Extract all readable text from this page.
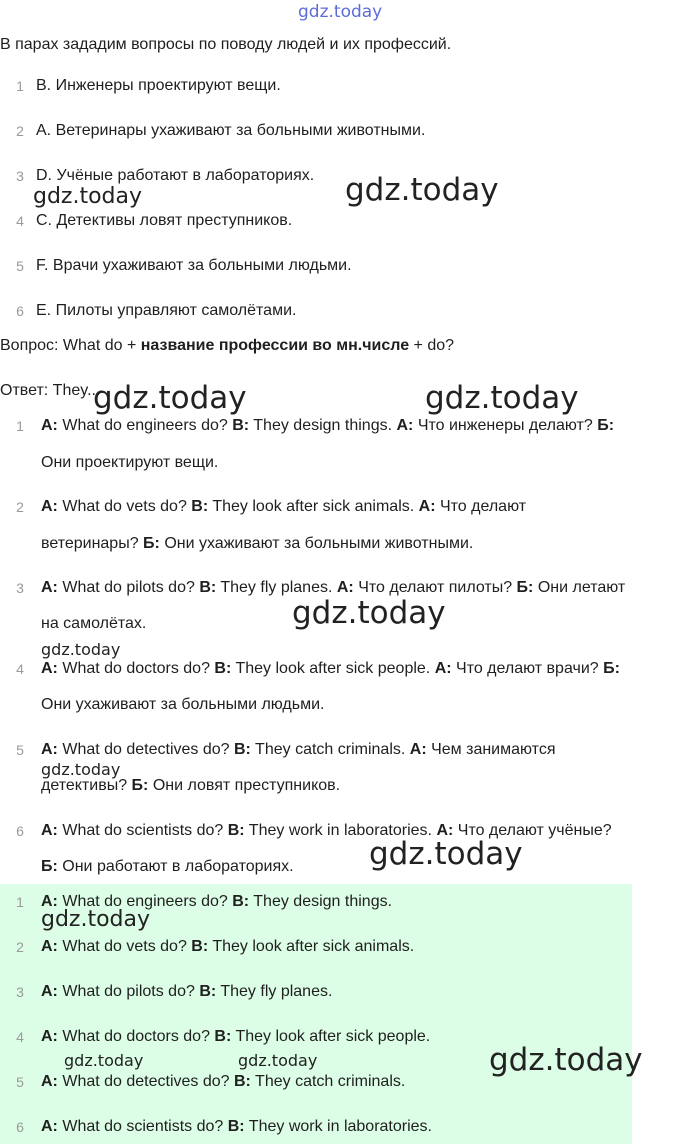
gdz.today
gdz.today	gdz.today
gdz.today	gdz.today
gdz.today
gdz.today
gdz.today
gdz.today
В парах зададим вопросы по поводу людей и их профессий.
1 B. Инженеры проектируют вещи.
2 A. Ветеринары ухаживают за больными животными.
3 D. Учёные работают в лабораториях.
4 C. Детективы ловят преступников.
5 F. Врачи ухаживают за больными людьми.
6 E. Пилоты управляют самолётами.
Вопрос: What do + название профессии во мн.числе + do?
Ответ: They...
1 A: What do engineers do? B: They design things. А: Что инженеры делают? Б:
Они проектируют вещи.
2 A: What do vets do? B: They look after sick animals. А: Что делают
ветеринары? Б: Они ухаживают за больными животными.
3 A: What do pilots do? B: They fly planes. А: Что делают пилоты? Б: Они летают
на самолётах.
4 A: What do doctors do? B: They look after sick people. А: Что делают врачи? Б:
Они ухаживают за больными людьми.
5 A: What do detectives do? B: They catch criminals. А: Чем занимаются
детективы? Б: Они ловят преступников.
6 A: What do scientists do? B: They work in laboratories. А: Что делают учёные?
Б: Они работают в лабораториях.
1 A: What do engineers do? B: They design things.
2 A: What do vets do? B: They look after sick animals.
3 A: What do pilots do? B: They fly planes.
4 A: What do doctors do? B: They look after sick people.
5 A: What do detectives do? B: They catch criminals.
6 A: What do scientists do? B: They work in laboratories.
gdz.today
gdz.today	gdz.today	gdz.today
